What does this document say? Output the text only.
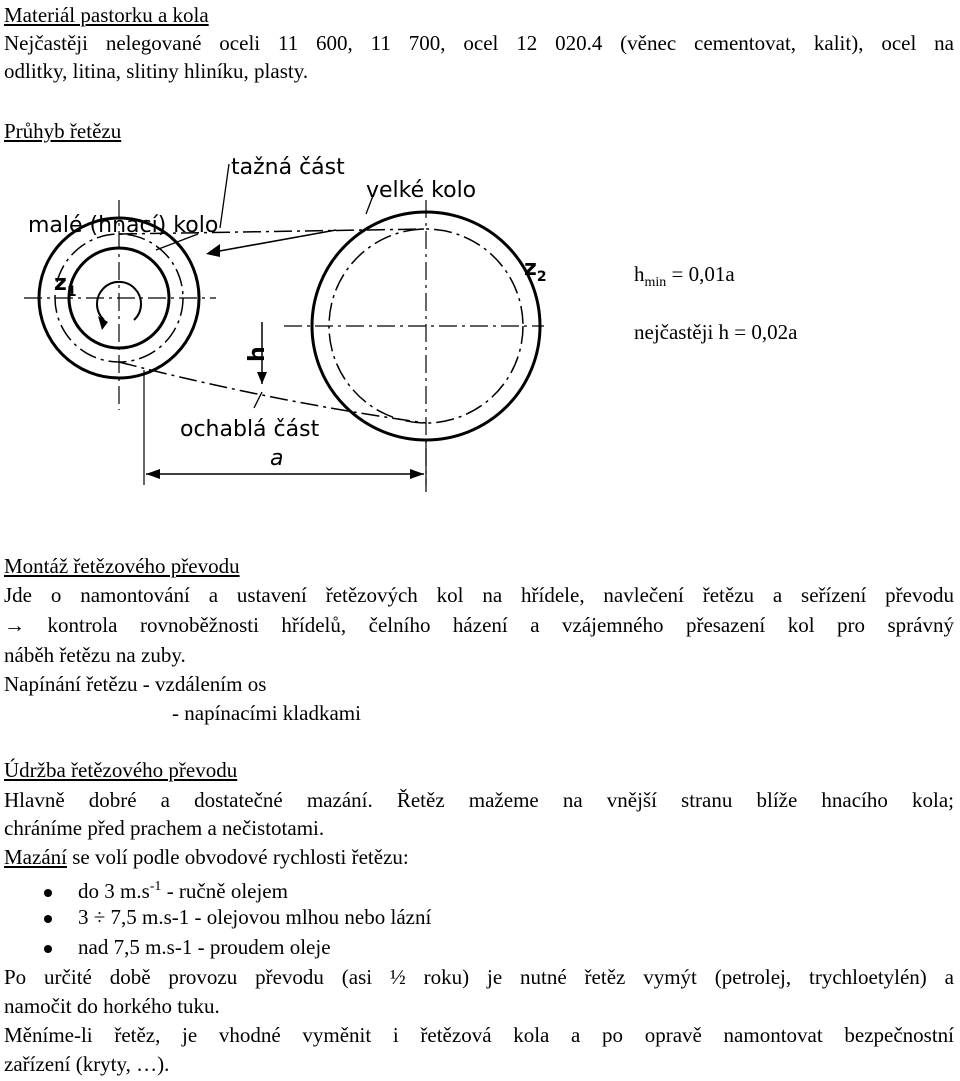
Materiál pastorku a kola
Nejčastěji nelegované oceli 11 600, 11 700, ocel 12 020.4 (věnec cementovat, kalit), ocel na
odlitky, litina, slitiny hliníku, plasty.
Průhyb řetězu
tažná část
velké kolo
malé (hnací) kolo
$z_1$
$z_2$
h
ochablá část
a
$h_{min} = 0,01a$
nejčastěji h = 0,02a
Montáž řetězového převodu
Jde o namontování a ustavení řetězových kol na hřídele, navlečení řetězu a seřízení převodu
→ kontrola rovnoběžnosti hřídelů, čelního házení a vzájemného přesazení kol pro správný
náběh řetězu na zuby.
Napínání řetězu - vzdálením os
- napínacími kladkami
Údržba řetězového převodu
Hlavně dobré a dostatečné mazání. Řetěz mažeme na vnější stranu blíže hnacího kola;
chráníme před prachem a nečistotami.
Mazání se volí podle obvodové rychlosti řetězu:
do 3 $m.s^{-1}$ - ručně olejem
3 ÷ 7,5 m.s-1 - olejovou mlhou nebo lázní
nad 7,5 m.s-1 - proudem oleje
Po určité době provozu převodu (asi ½ roku) je nutné řetěz vymýt (petrolej, trychloetylén) a
namočit do horkého tuku.
Měníme-li řetěz, je vhodné vyměnit i řetězová kola a po opravě namontovat bezpečnostní
zařízení (kryty, …).
